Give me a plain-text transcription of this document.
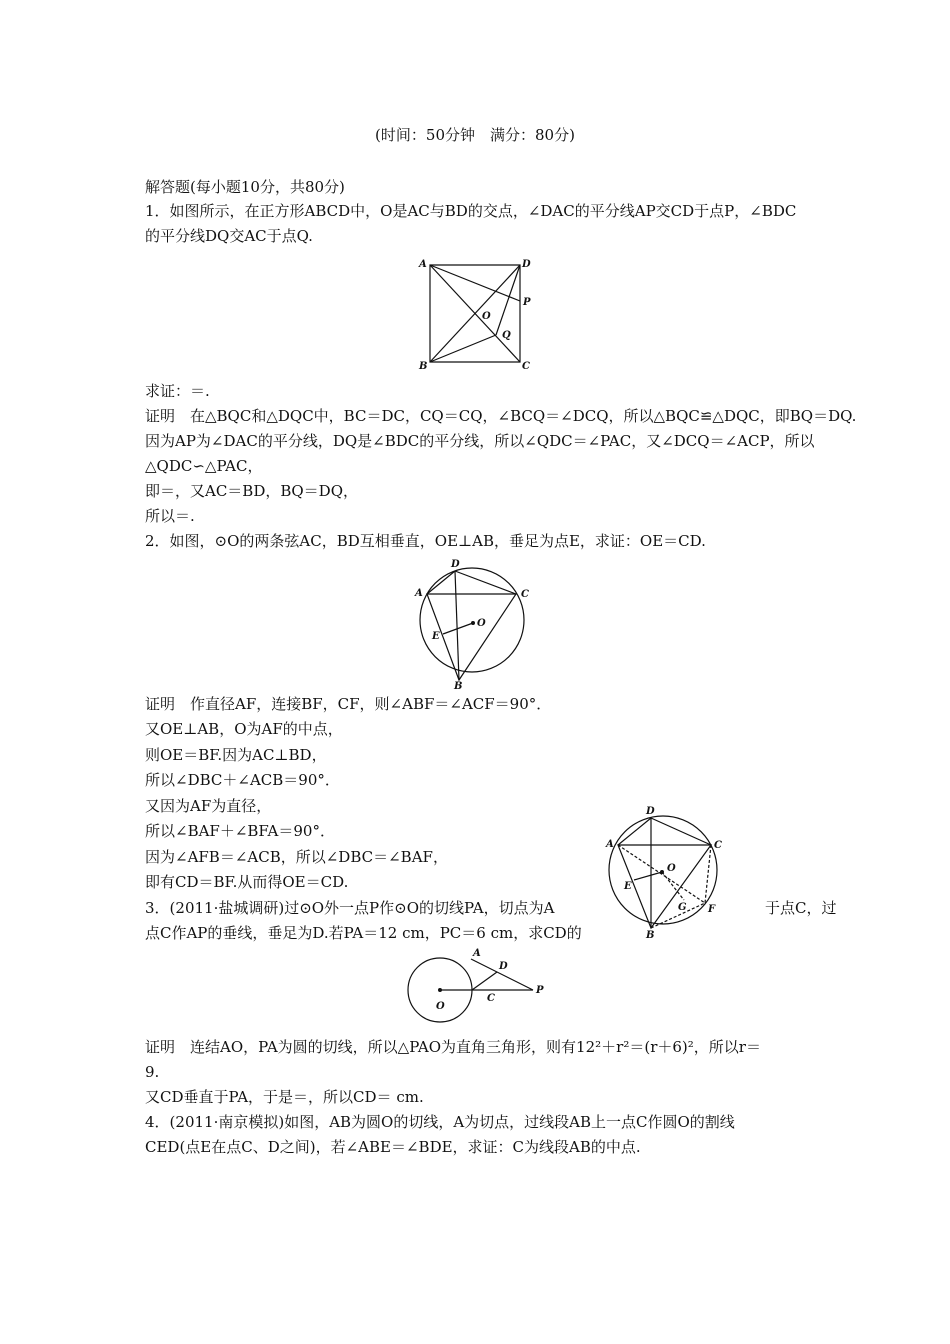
(时间：50分钟　满分：80分)
解答题(每小题10分，共80分)
1．如图所示，在正方形ABCD中，O是AC与BD的交点，∠DAC的平分线AP交CD于点P，∠BDC
的平分线DQ交AC于点Q.
A	D
P
O
Q
B	C
求证：＝.
证明　在△BQC和△DQC中，BC＝DC，CQ＝CQ，∠BCQ＝∠DCQ，所以△BQC≌△DQC，即BQ＝DQ.
因为AP为∠DAC的平分线，DQ是∠BDC的平分线，所以∠QDC＝∠PAC，又∠DCQ＝∠ACP，所以
△QDC∽△PAC，
即＝，又AC＝BD，BQ＝DQ，
所以＝.
2．如图，⊙O的两条弦AC，BD互相垂直，OE⊥AB，垂足为点E，求证：OE＝CD.
A
D
C
O
E
B
证明　作直径AF，连接BF，CF，则∠ABF＝∠ACF＝90°．
又OE⊥AB，O为AF的中点，
则OE＝BF.因为AC⊥BD，
所以∠DBC＋∠ACB＝90°．
又因为AF为直径，
所以∠BAF＋∠BFA＝90°．
因为∠AFB＝∠ACB，所以∠DBC＝∠BAF，
即有CD＝BF.从而得OE＝CD.
3．(2011·盐城调研)过⊙O外一点P作⊙O的切线PA，切点为A	于点C，过
点C作AP的垂线，垂足为D.若PA＝12 cm，PC＝6 cm，求CD的
A
D
C
O
E
G F
B
A
D
C
O
P
证明　连结AO，PA为圆的切线，所以△PAO为直角三角形，则有12²＋r²＝(r＋6)²，所以r＝
9.
又CD垂直于PA，于是＝，所以CD＝ cm.
4．(2011·南京模拟)如图，AB为圆O的切线，A为切点，过线段AB上一点C作圆O的割线
CED(点E在点C、D之间)，若∠ABE＝∠BDE，求证：C为线段AB的中点.
